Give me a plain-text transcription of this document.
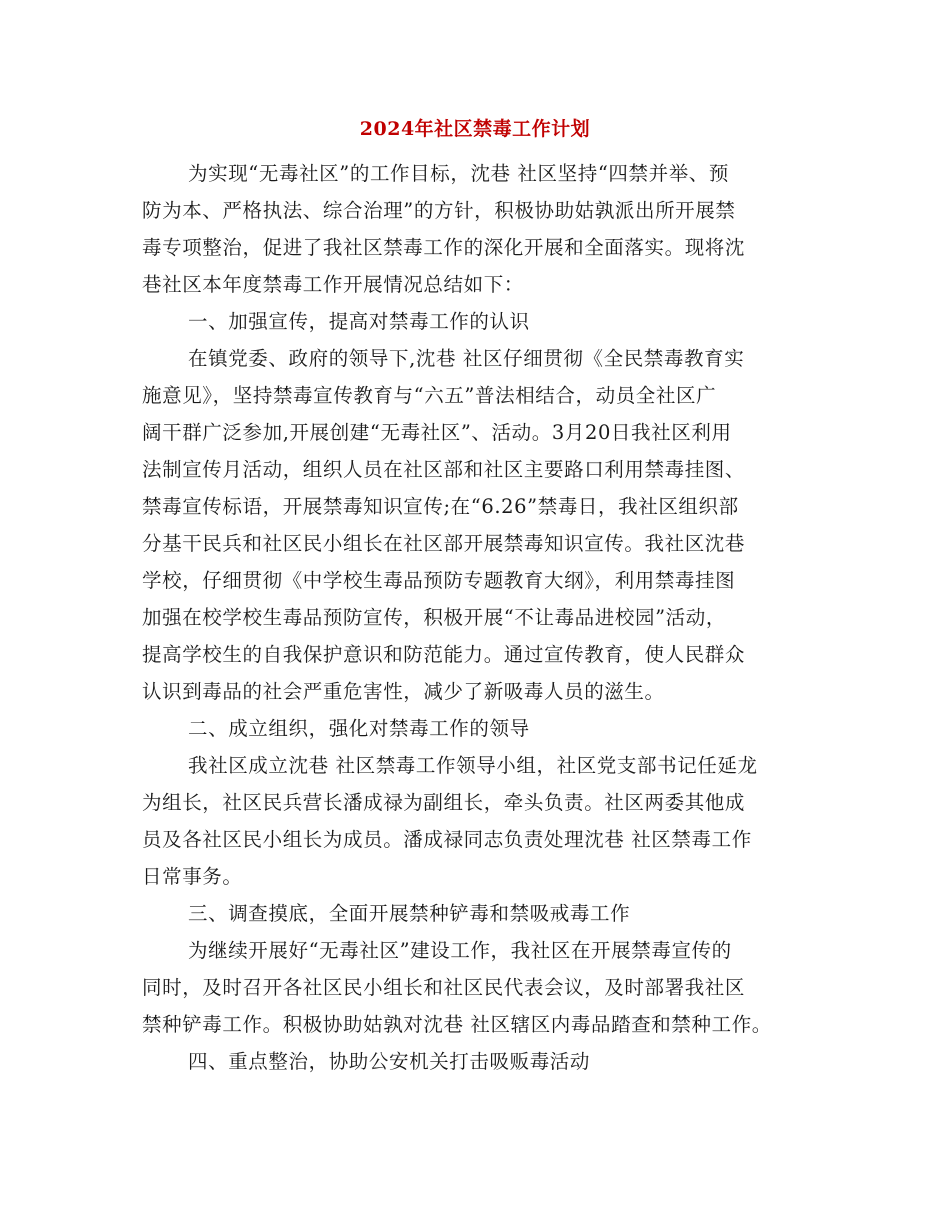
2024年社区禁毒工作计划
为实现“无毒社区”的工作目标，沈巷 社区坚持“四禁并举、预
防为本、严格执法、综合治理”的方针，积极协助姑孰派出所开展禁
毒专项整治，促进了我社区禁毒工作的深化开展和全面落实。现将沈
巷社区本年度禁毒工作开展情况总结如下：
一、加强宣传，提高对禁毒工作的认识
在镇党委、政府的领导下,沈巷 社区仔细贯彻《全民禁毒教育实
施意见》，坚持禁毒宣传教育与“六五”普法相结合，动员全社区广
阔干群广泛参加,开展创建“无毒社区”、活动。3月20日我社区利用
法制宣传月活动，组织人员在社区部和社区主要路口利用禁毒挂图、
禁毒宣传标语，开展禁毒知识宣传;在“6.26”禁毒日，我社区组织部
分基干民兵和社区民小组长在社区部开展禁毒知识宣传。我社区沈巷
学校，仔细贯彻《中学校生毒品预防专题教育大纲》，利用禁毒挂图
加强在校学校生毒品预防宣传，积极开展“不让毒品进校园”活动，
提高学校生的自我保护意识和防范能力。通过宣传教育，使人民群众
认识到毒品的社会严重危害性，减少了新吸毒人员的滋生。
二、成立组织，强化对禁毒工作的领导
我社区成立沈巷 社区禁毒工作领导小组，社区党支部书记任延龙
为组长，社区民兵营长潘成禄为副组长，牵头负责。社区两委其他成
员及各社区民小组长为成员。潘成禄同志负责处理沈巷 社区禁毒工作
日常事务。
三、调查摸底，全面开展禁种铲毒和禁吸戒毒工作
为继续开展好“无毒社区”建设工作，我社区在开展禁毒宣传的
同时，及时召开各社区民小组长和社区民代表会议，及时部署我社区
禁种铲毒工作。积极协助姑孰对沈巷 社区辖区内毒品踏查和禁种工作。
四、重点整治，协助公安机关打击吸贩毒活动
